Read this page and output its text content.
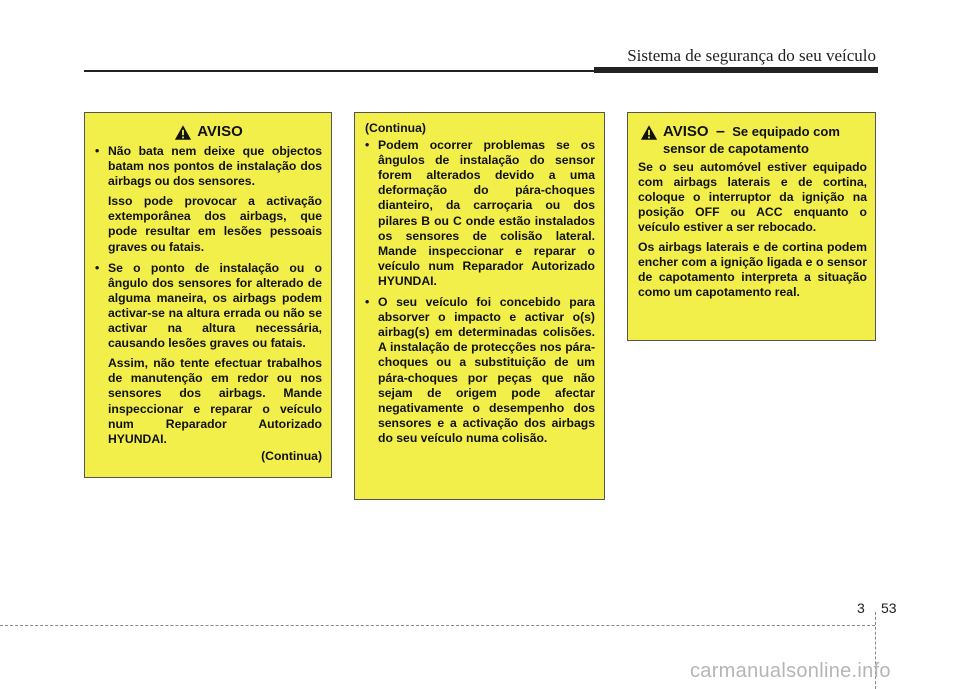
Sistema de segurança do seu veículo
AVISO
• Não bata nem deixe que objectos batam nos pontos de instalação dos airbags ou dos sensores.
Isso pode provocar a activação extemporânea dos airbags, que pode resultar em lesões pessoais graves ou fatais.
• Se o ponto de instalação ou o ângulo dos sensores for alterado de alguma maneira, os airbags podem activar-se na altura errada ou não se activar na altura necessária, causando lesões graves ou fatais.
Assim, não tente efectuar trabalhos de manutenção em redor ou nos sensores dos airbags. Mande inspeccionar e reparar o veículo num Reparador Autorizado HYUNDAI.
(Continua)
(Continua)
• Podem ocorrer problemas se os ângulos de instalação do sensor forem alterados devido a uma deformação do pára-choques dianteiro, da carroçaria ou dos pilares B ou C onde estão instalados os sensores de colisão lateral. Mande inspeccionar e reparar o veículo num Reparador Autorizado HYUNDAI.
• O seu veículo foi concebido para absorver o impacto e activar o(s) airbag(s) em determinadas colisões. A instalação de protecções nos pára-choques ou a substituição de um pára-choques por peças que não sejam de origem pode afectar negativamente o desempenho dos sensores e a activação dos airbags do seu veículo numa colisão.
AVISO – Se equipado com sensor de capotamento
Se o seu automóvel estiver equipado com airbags laterais e de cortina, coloque o interruptor da ignição na posição OFF ou ACC enquanto o veículo estiver a ser rebocado.
Os airbags laterais e de cortina podem encher com a ignição ligada e o sensor de capotamento interpreta a situação como um capotamento real.
3 53
carmanualsonline.info
